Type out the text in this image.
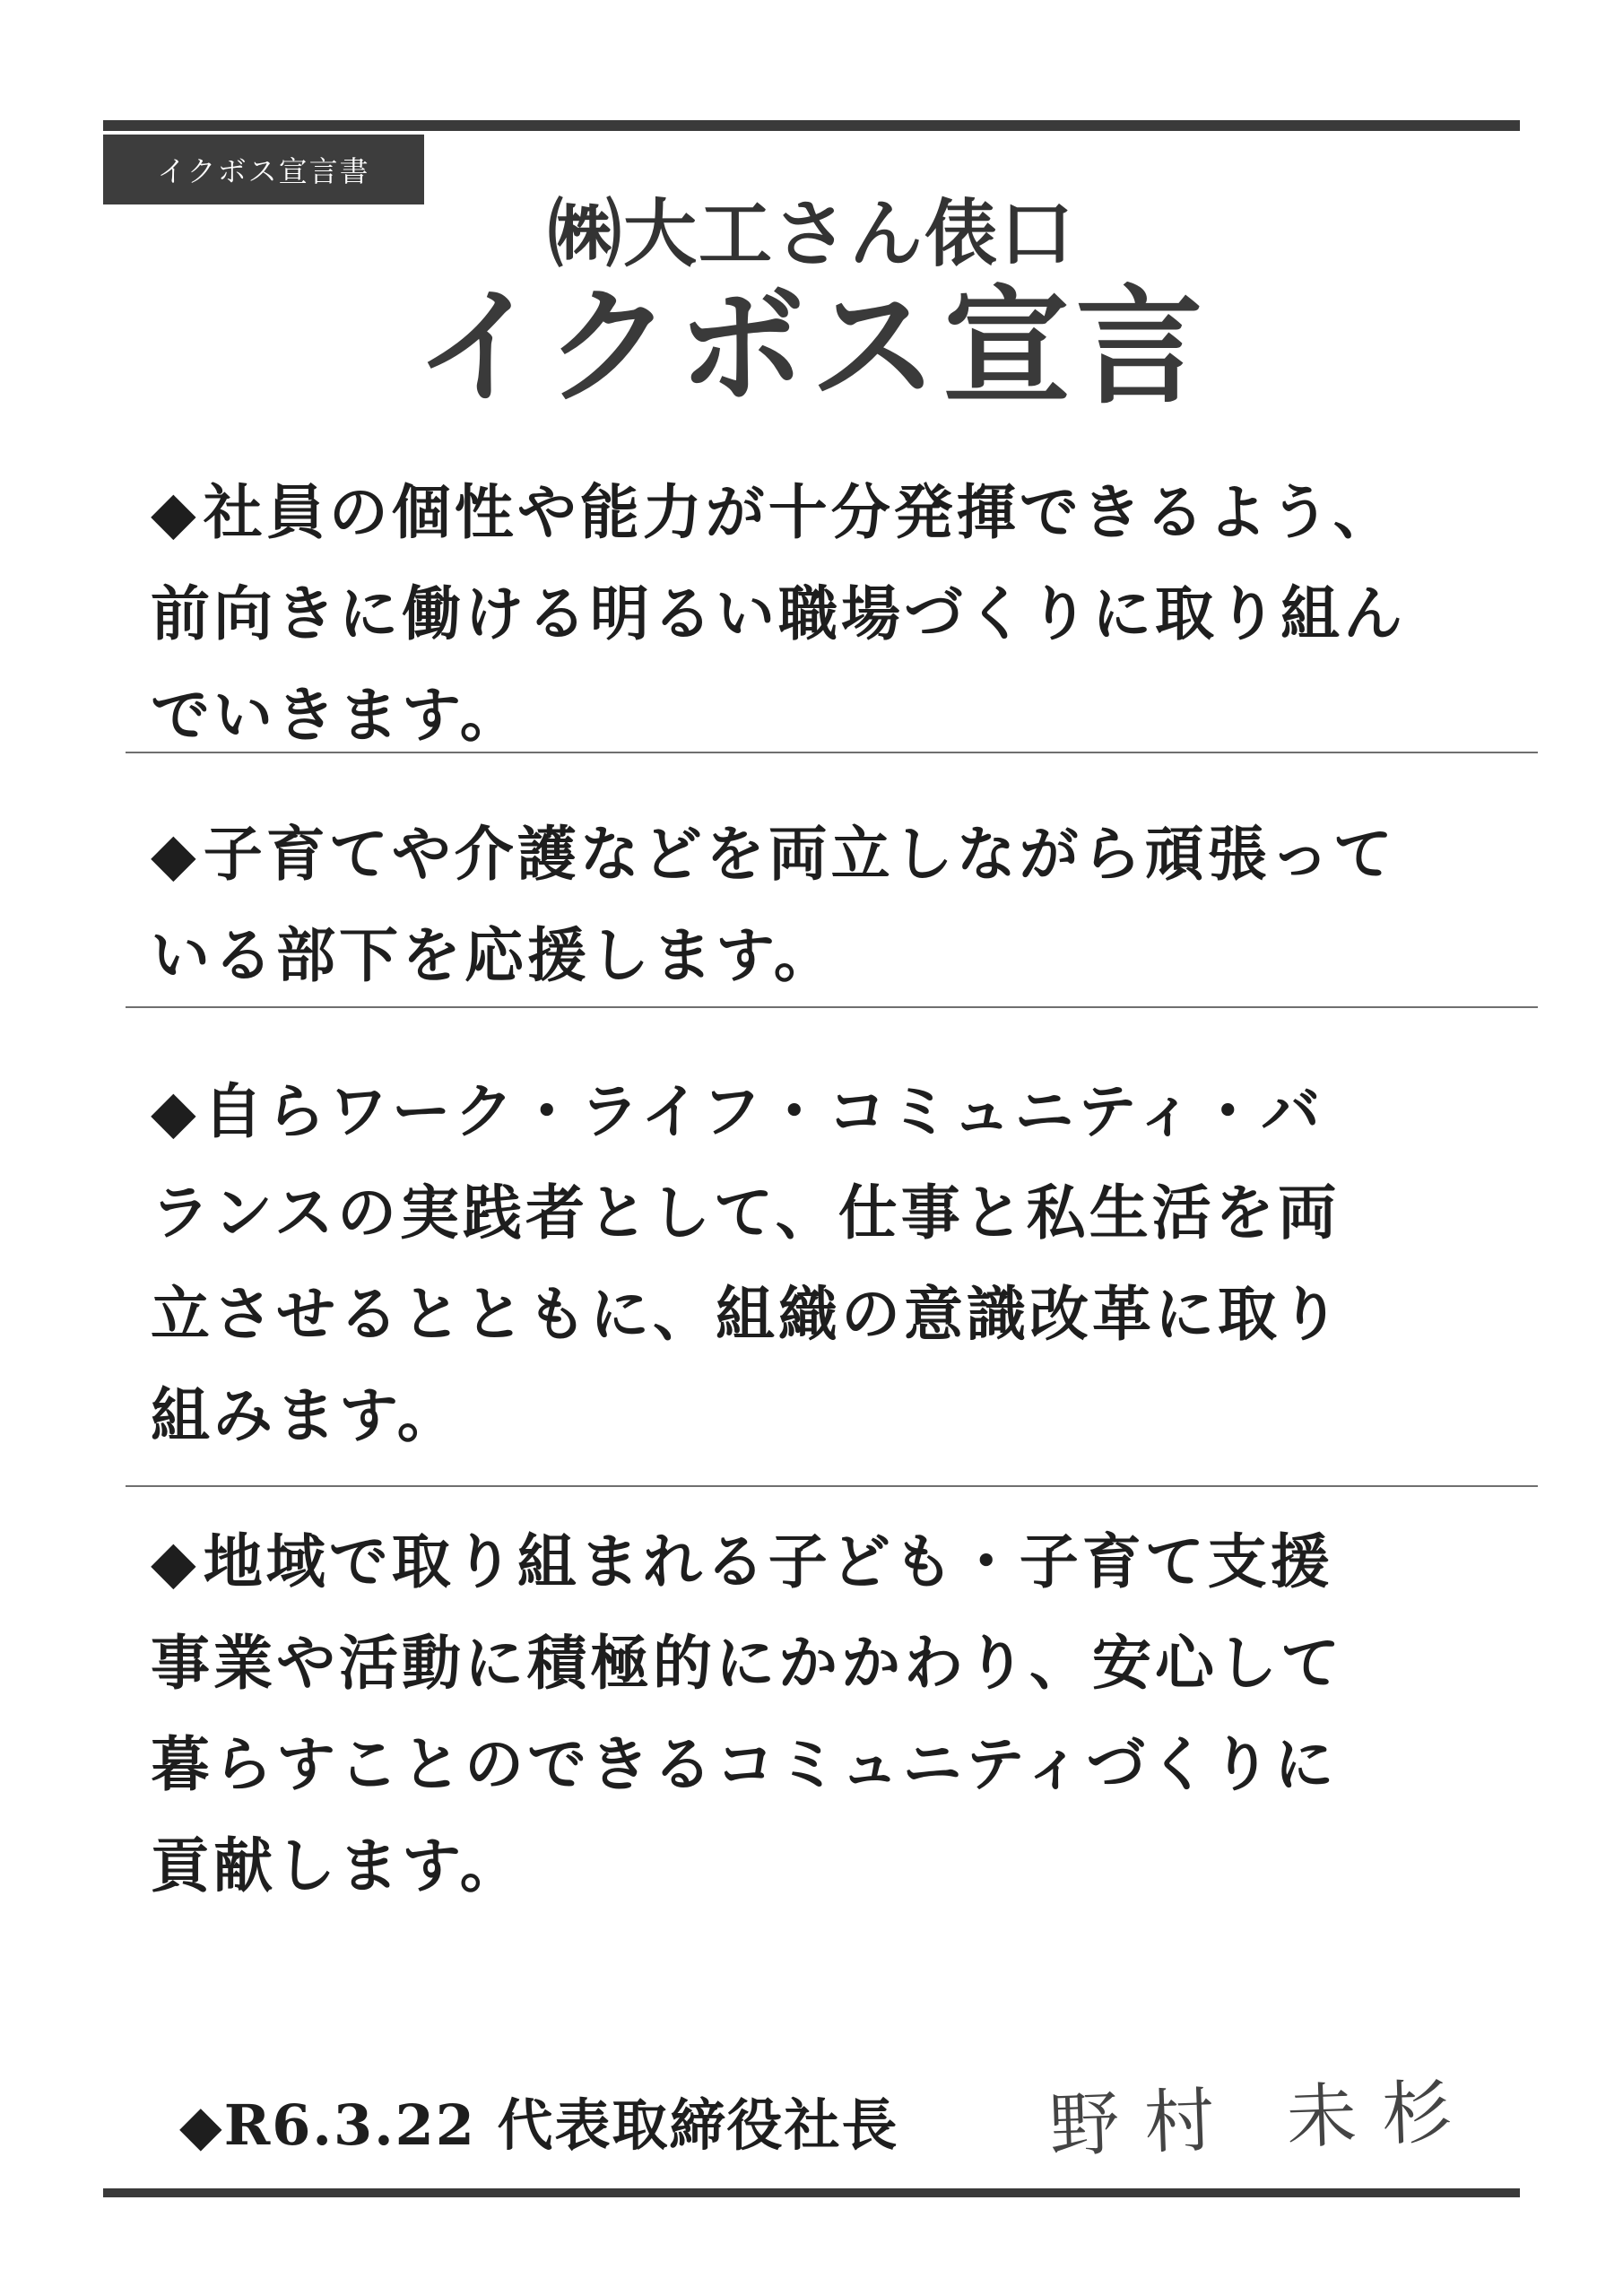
イクボス宣言書
㈱大工さん俵口
イクボス宣言
◆社員の個性や能力が十分発揮できるよう、
前向きに働ける明るい職場づくりに取り組ん
でいきます。
◆子育てや介護などを両立しながら頑張って
いる部下を応援します。
◆自らワーク・ライフ・コミュニティ・バ
ランスの実践者として、仕事と私生活を両
立させるとともに、組織の意識改革に取り
組みます。
◆地域で取り組まれる子ども・子育て支援
事業や活動に積極的にかかわり、安心して
暮らすことのできるコミュニティづくりに
貢献します。
◆R6.3.22 代表取締役社長 野村 未杉
